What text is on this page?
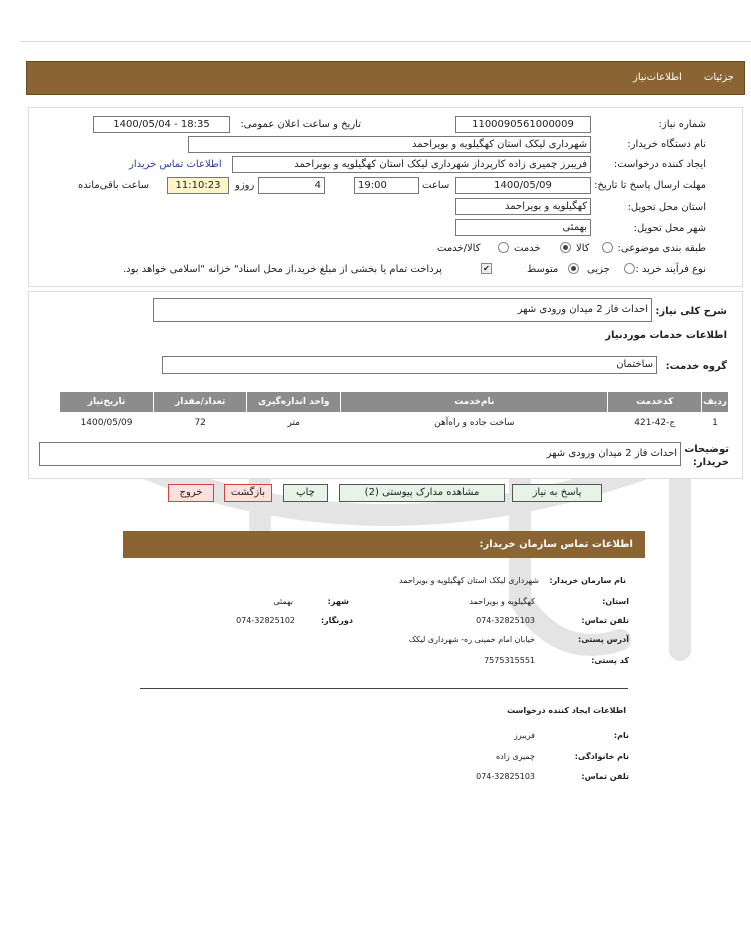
اطلاعات‌نیاز جزئیات
شماره نیاز:
1100090561000009
تاریخ و ساعت اعلان عمومی:
1400/05/04 - 18:35
نام دستگاه خریدار:
شهرداری لیکک استان کهگیلویه و بویراحمد
ایجاد کننده درخواست:
فریبرز چمیری زاده کارپرداز شهرداری لیکک استان کهگیلویه و بویراحمد
اطلاعات تماس خریدار
مهلت ارسال پاسخ تا تاریخ:
1400/05/09
ساعت
19:00
4
روزو
11:10:23
ساعت باقی‌مانده
استان محل تحویل:
کهگیلویه و بویراحمد
شهر محل تحویل:
بهمئی
طبقه بندی موضوعی:
کالا
خدمت
کالا/خدمت
نوع فرآیند خرید :
جزیی
متوسط
✔
پرداخت تمام یا بخشی از مبلغ خرید،از محل اسناد" خزانه "اسلامی خواهد بود.
شرح کلی نیاز:
احداث فاز 2 میدان ورودی شهر
اطلاعات خدمات موردنیاز
گروه خدمت:
ساختمان
ردیف	کدخدمت	نام‌خدمت	واحد اندازه‌گیری	تعداد/مقدار	تاریخ‌نیاز
1	ج-42-421	ساخت جاده و راه‌آهن	متر	72	1400/05/09
توضیحات خریدار:
احداث فاز 2 میدان ورودی شهر
پاسخ به نیاز
مشاهده مدارک پیوستی (2)
چاپ
بازگشت
خروج
اطلاعات تماس سازمان خریدار:
نام سازمان خریدار:
شهرداری لیکک استان کهگیلویه و بویراحمد
استان:
کهگیلویه و بویراحمد
شهر:
بهمئی
تلفن تماس:
074-32825103
دورنگار:
074-32825102
آدرس پستی:
خیابان امام خمینی ره- شهرداری لیکک
کد پستی:
7575315551
اطلاعات ایجاد کننده درخواست
نام:
فریبرز
نام خانوادگی:
چمیری زاده
تلفن تماس:
074-32825103
